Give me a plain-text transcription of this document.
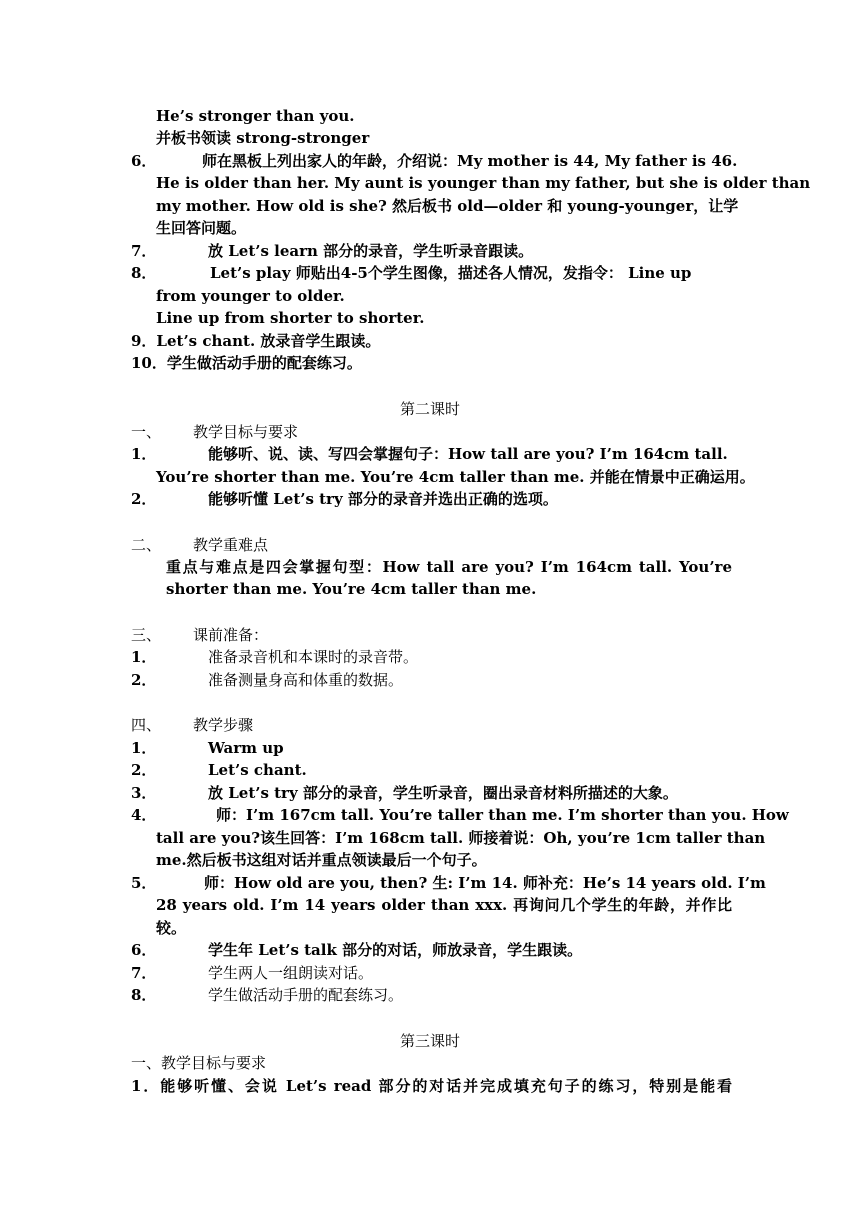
He’s stronger than you.
并板书领读 strong-stronger
6．	师在黑板上列出家人的年龄，介绍说：My mother is 44, My father is 46.
He is older than her. My aunt is younger than my father, but she is older than
my mother. How old is she? 然后板书 old—older 和 young-younger，让学
生回答问题。
7．	放 Let’s learn 部分的录音，学生听录音跟读。
8．	Let’s play 师贴出4-5个学生图像，描述各人情况，发指令： Line up
from younger to older.
Line up from shorter to shorter.
9．Let’s chant. 放录音学生跟读。
10．学生做活动手册的配套练习。
第二课时
一、 教学目标与要求
1．	能够听、说、读、写四会掌握句子：How tall are you? I’m 164cm tall.
You’re shorter than me. You’re 4cm taller than me. 并能在情景中正确运用。
2．	能够听懂 Let’s try 部分的录音并选出正确的选项。
二、 教学重难点
重点与难点是四会掌握句型：How tall are you? I’m 164cm tall. You’re
shorter than me. You’re 4cm taller than me.
三、 课前准备：
1．	准备录音机和本课时的录音带。
2．	准备测量身高和体重的数据。
四、 教学步骤
1．	Warm up
2．	Let’s chant.
3．	放 Let’s try 部分的录音，学生听录音，圈出录音材料所描述的大象。
4．	师：I’m 167cm tall. You’re taller than me. I’m shorter than you. How
tall are you?该生回答：I’m 168cm tall. 师接着说：Oh, you’re 1cm taller than
me.然后板书这组对话并重点领读最后一个句子。
5．	师：How old are you, then? 生: I’m 14. 师补充：He’s 14 years old. I’m
28 years old. I’m 14 years older than xxx. 再询问几个学生的年龄，并作比
较。
6．	学生年 Let’s talk 部分的对话，师放录音，学生跟读。
7．	学生两人一组朗读对话。
8．	学生做活动手册的配套练习。
第三课时
一、教学目标与要求
1．能够听懂、会说 Let’s read 部分的对话并完成填充句子的练习，特别是能看
